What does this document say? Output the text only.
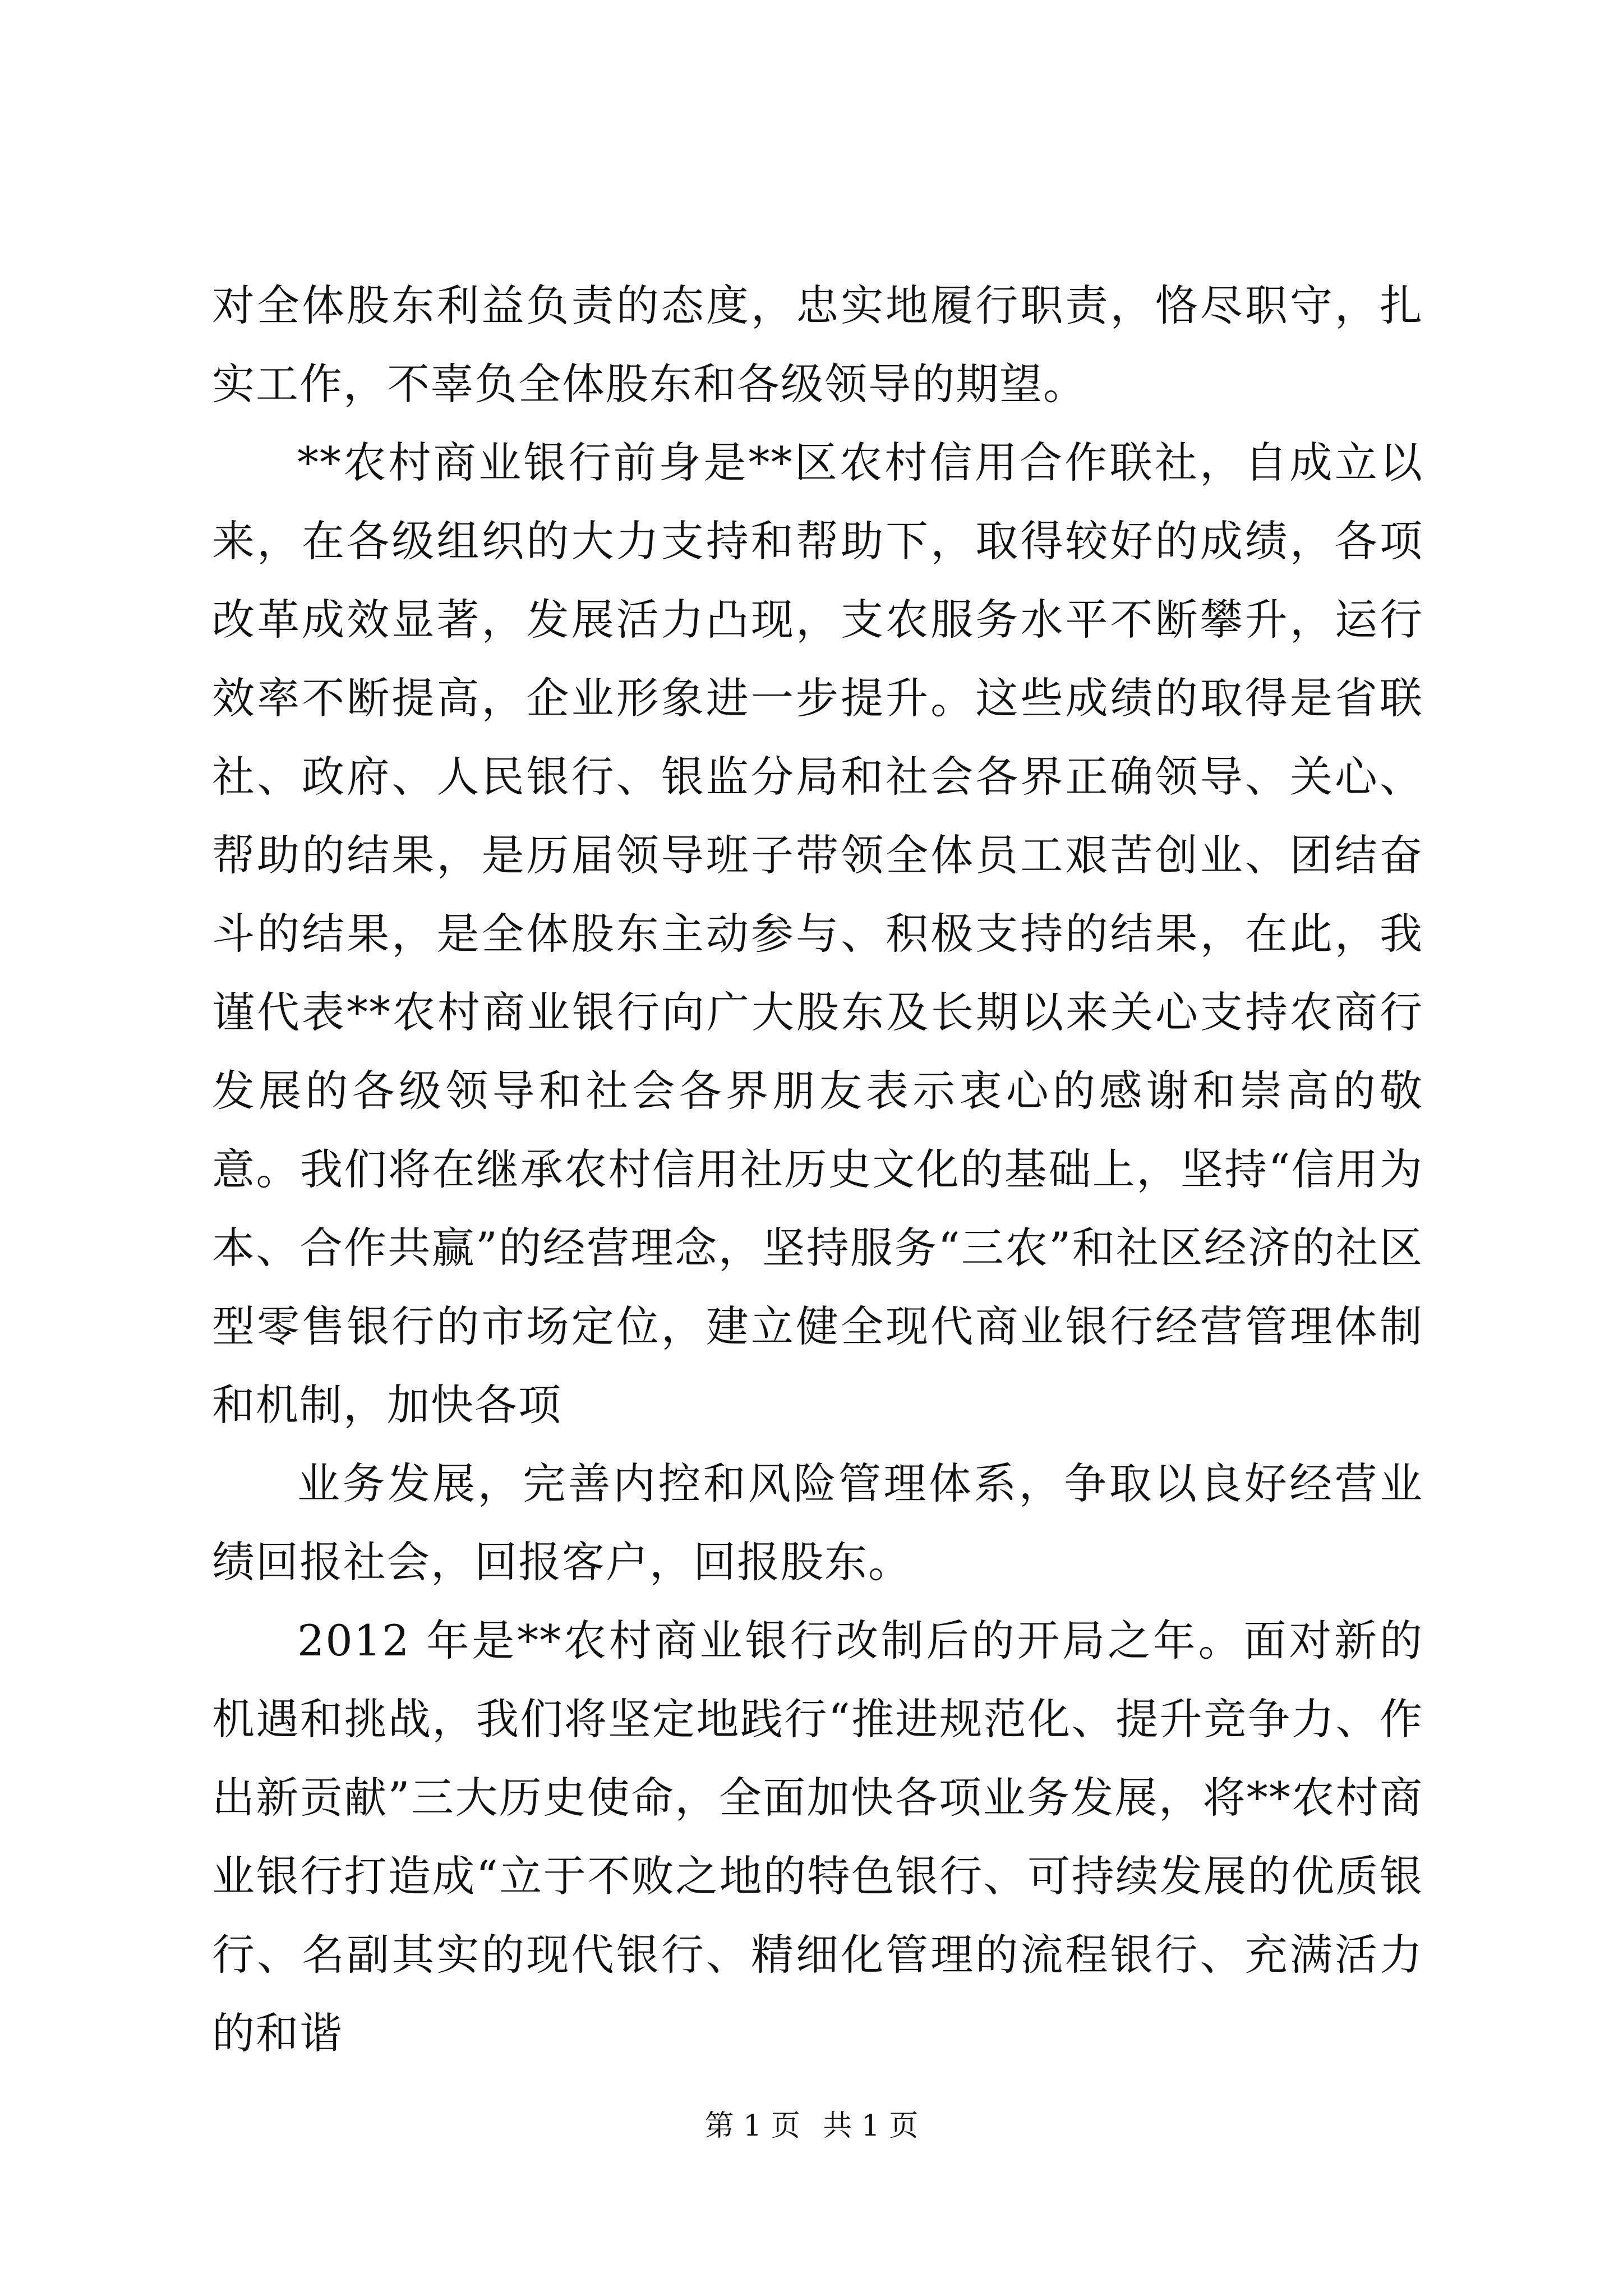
对全体股东利益负责的态度，忠实地履行职责，恪尽职守，扎实工作，不辜负全体股东和各级领导的期望。

**农村商业银行前身是**区农村信用合作联社，自成立以来，在各级组织的大力支持和帮助下，取得较好的成绩，各项改革成效显著，发展活力凸现，支农服务水平不断攀升，运行效率不断提高，企业形象进一步提升。这些成绩的取得是省联社、政府、人民银行、银监分局和社会各界正确领导、关心、帮助的结果，是历届领导班子带领全体员工艰苦创业、团结奋斗的结果，是全体股东主动参与、积极支持的结果，在此，我谨代表**农村商业银行向广大股东及长期以来关心支持农商行发展的各级领导和社会各界朋友表示衷心的感谢和崇高的敬意。我们将在继承农村信用社历史文化的基础上，坚持“信用为本、合作共赢”的经营理念，坚持服务“三农”和社区经济的社区型零售银行的市场定位，建立健全现代商业银行经营管理体制和机制，加快各项

业务发展，完善内控和风险管理体系，争取以良好经营业绩回报社会，回报客户，回报股东。

2012 年是**农村商业银行改制后的开局之年。面对新的机遇和挑战，我们将坚定地践行“推进规范化、提升竞争力、作出新贡献”三大历史使命，全面加快各项业务发展，将**农村商业银行打造成“立于不败之地的特色银行、可持续发展的优质银行、名副其实的现代银行、精细化管理的流程银行、充满活力的和谐

第 1 页 共 1 页
